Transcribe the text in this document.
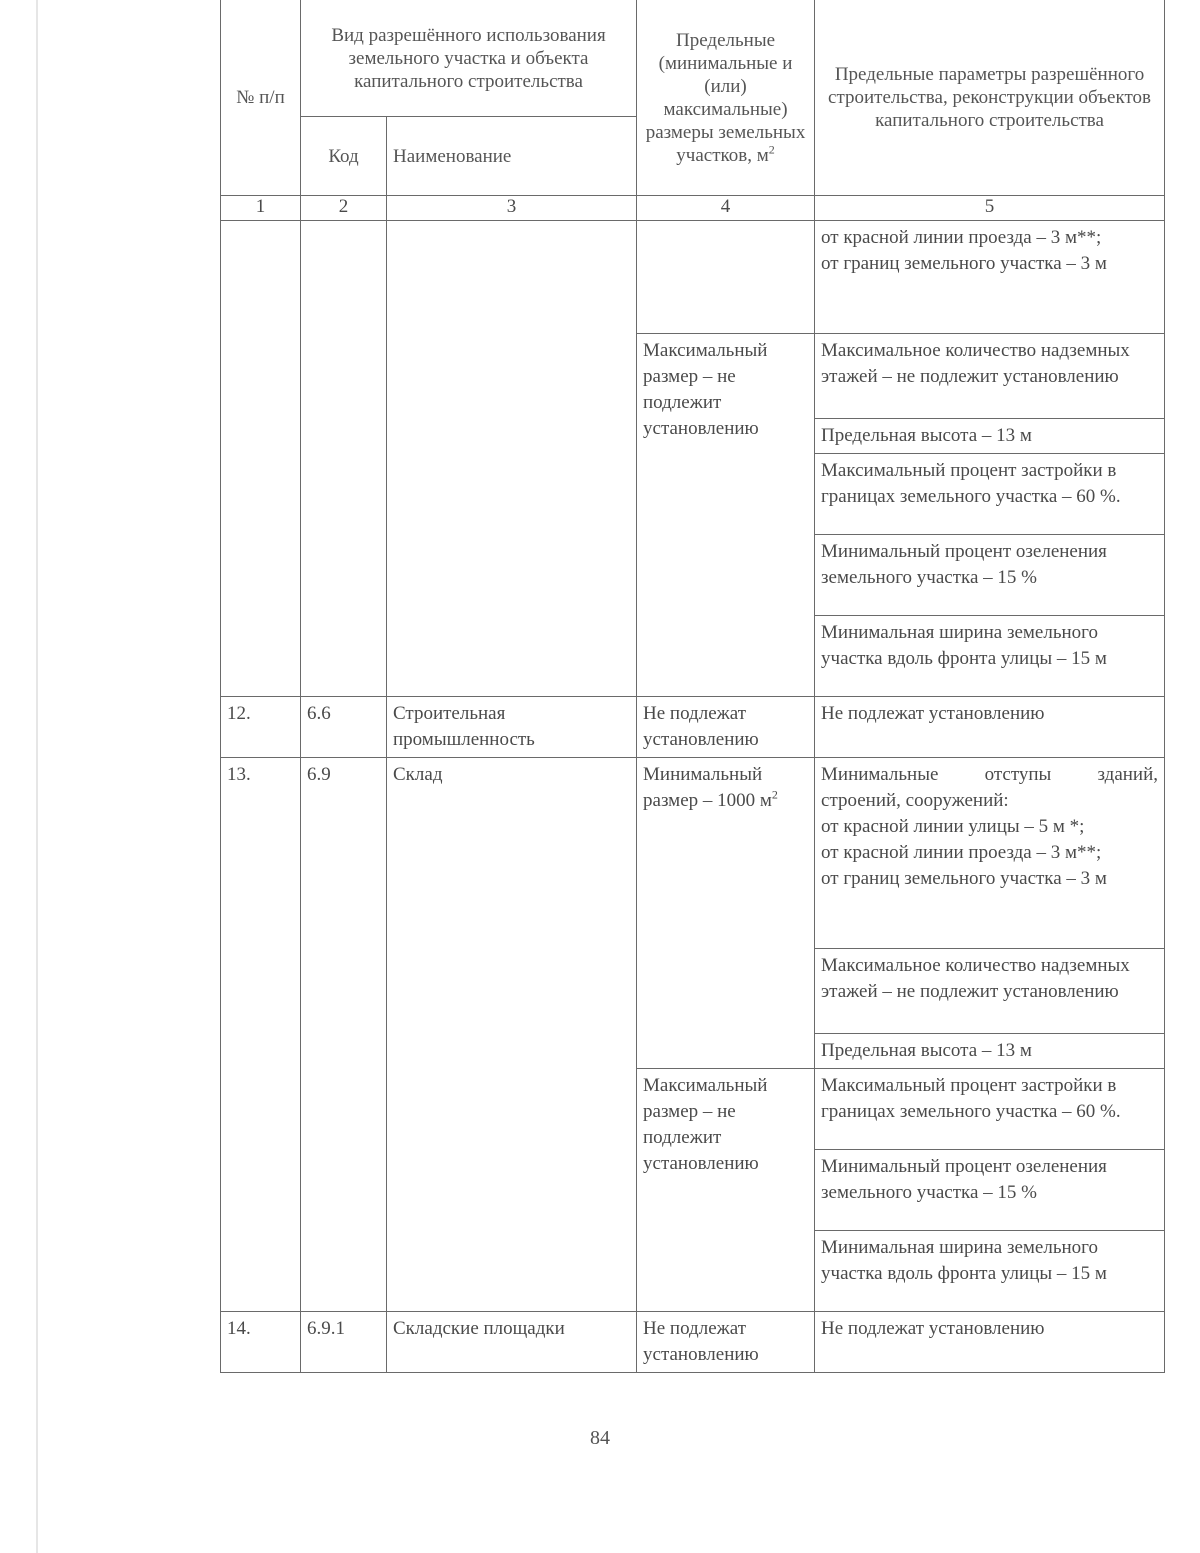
№ п/п	Вид разрешённого использования земельного участка и объекта капитального строительства		Предельные (минимальные и (или) максимальные) размеры земельных участков, $м^2$	Предельные параметры разрешённого строительства, реконструкции объектов капитального строительства
	Код	Наименование		
1	2	3	4	5

				от красной линии проезда – 3 м**;
от границ земельного участка – 3 м

			Максимальный размер – не подлежит установлению	Максимальное количество надземных этажей – не подлежит установлению
				Предельная высота – 13 м
				Максимальный процент застройки в границах земельного участка – 60 %.
				Минимальный процент озеленения земельного участка – 15 %
				Минимальная ширина земельного участка вдоль фронта улицы – 15 м
12.	6.6	Строительная промышленность	Не подлежат установлению	Не подлежат установлению
13.	6.9	Склад	Минимальный размер – 1000 $м^2$	Минимальные отступы зданий, строений, сооружений:
от красной линии улицы – 5 м *;
от красной линии проезда – 3 м**;
от границ земельного участка – 3 м

				Максимальное количество надземных этажей – не подлежит установлению
				Предельная высота – 13 м
			Максимальный размер – не подлежит установлению	Максимальный процент застройки в границах земельного участка – 60 %.
				Минимальный процент озеленения земельного участка – 15 %
				Минимальная ширина земельного участка вдоль фронта улицы – 15 м
14.	6.9.1	Складские площадки	Не подлежат установлению	Не подлежат установлению
84
